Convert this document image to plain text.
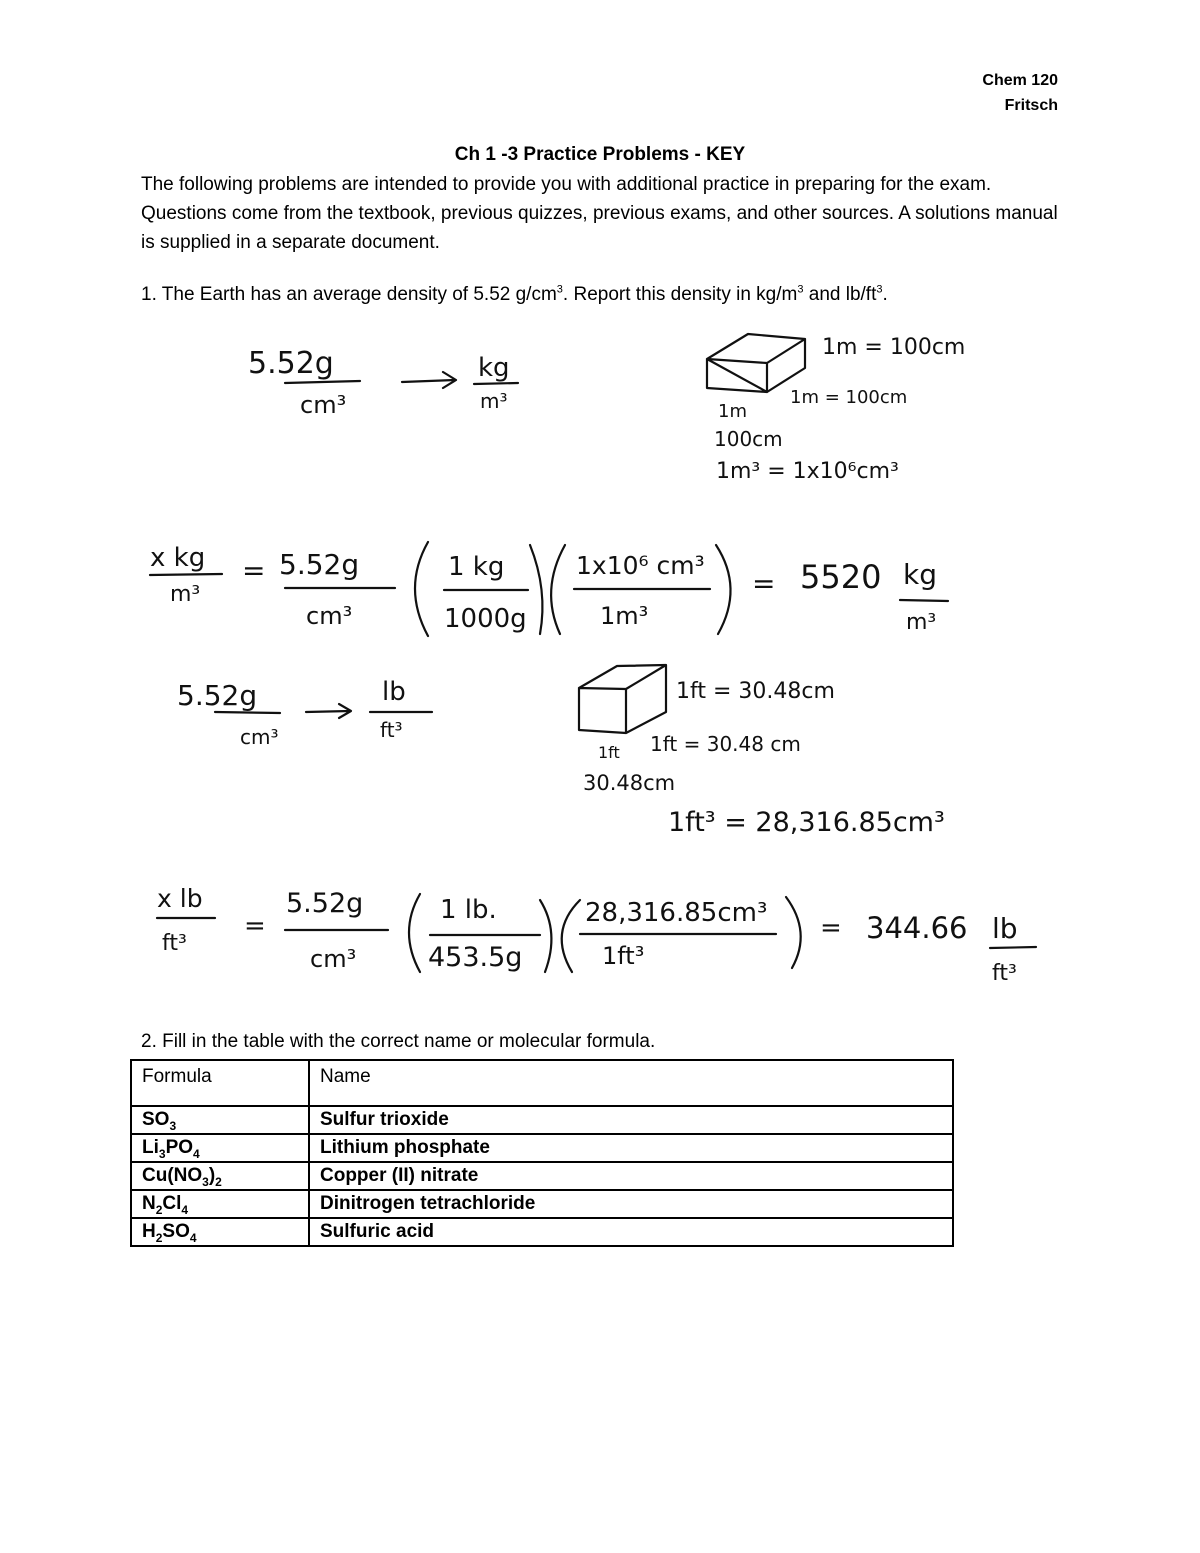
Chem 120
Fritsch
Ch 1 -3 Practice Problems - KEY

The following problems are intended to provide you with additional practice in preparing for the exam. Questions come from the textbook, previous quizzes, previous exams, and other sources. A solutions manual is supplied in a separate document.

1. The Earth has an average density of 5.52 $g/cm^3$. Report this density in $kg/m^3$ and $lb/ft^3$.

5.52g
cm³
kg
m³
1m = 100cm
1m = 100cm
1m
100cm
1m³ = 1x10⁶cm³
x kg
m³
= 5.52g
cm³
1 kg
1000g
1x10⁶ cm³
1m³
= 5520 kg
m³
5.52g
cm³
lb
ft³
1ft = 30.48cm
1ft = 30.48 cm
1ft
30.48cm
1ft³ = 28,316.85cm³
x lb
ft³
=
5.52g
cm³
1 lb.
453.5g
28,316.85cm³
1ft³
= 344.66 lb
ft³

2. Fill in the table with the correct name or molecular formula.

Formula	Name
$SO_3$	Sulfur trioxide
$Li_3PO_4$	Lithium phosphate
$Cu(NO_3)_2$	Copper (II) nitrate
$N_2Cl_4$	Dinitrogen tetrachloride
$H_2SO_4$	Sulfuric acid
